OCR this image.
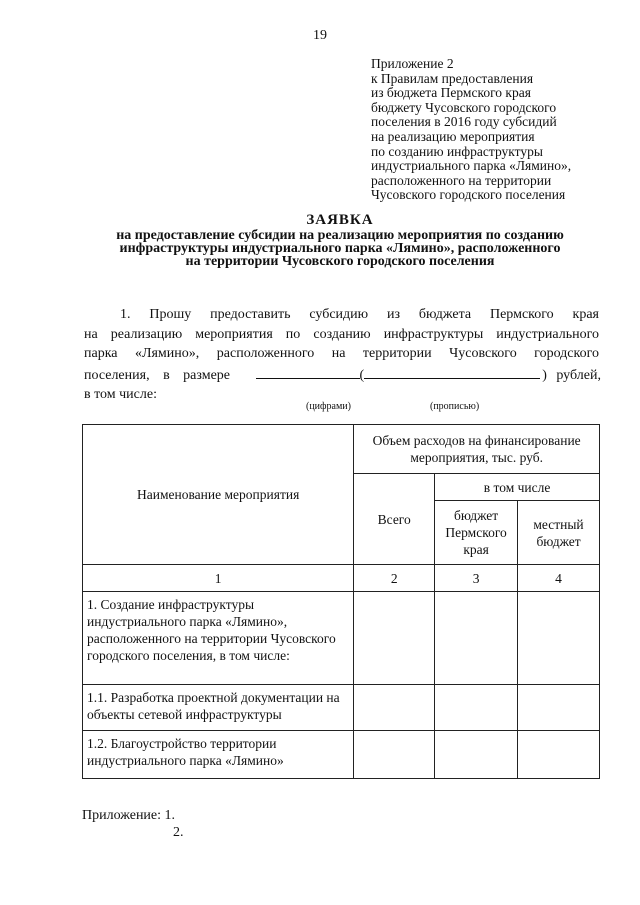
19
Приложение 2
к Правилам предоставления
из бюджета Пермского края
бюджету Чусовского городского
поселения в 2016 году субсидий
на реализацию мероприятия
по созданию инфраструктуры
индустриального парка «Лямино»,
расположенного на территории
Чусовского городского поселения
ЗАЯВКА
на предоставление субсидии на реализацию мероприятия по созданию
инфраструктуры индустриального парка «Лямино», расположенного
на территории Чусовского городского поселения
1. Прошу предоставить субсидию из бюджета Пермского края
на реализацию мероприятия по созданию инфраструктуры индустриального
парка «Лямино», расположенного на территории Чусовского городского
поселения, в размере	(	) рублей,
в том числе:
(цифрами)	(прописью)
Наименование мероприятия	Объем расходов на финансирование мероприятия, тыс. руб.		
	Всего	в том числе	
		бюджет Пермского края	местный бюджет
1	2	3	4
1. Создание инфраструктуры индустриального парка «Лямино», расположенного на территории Чусовского городского поселения, в том числе:			
1.1. Разработка проектной документации на объекты сетевой инфраструктуры			
1.2. Благоустройство территории индустриального парка «Лямино»			
Приложение: 1.
2.
